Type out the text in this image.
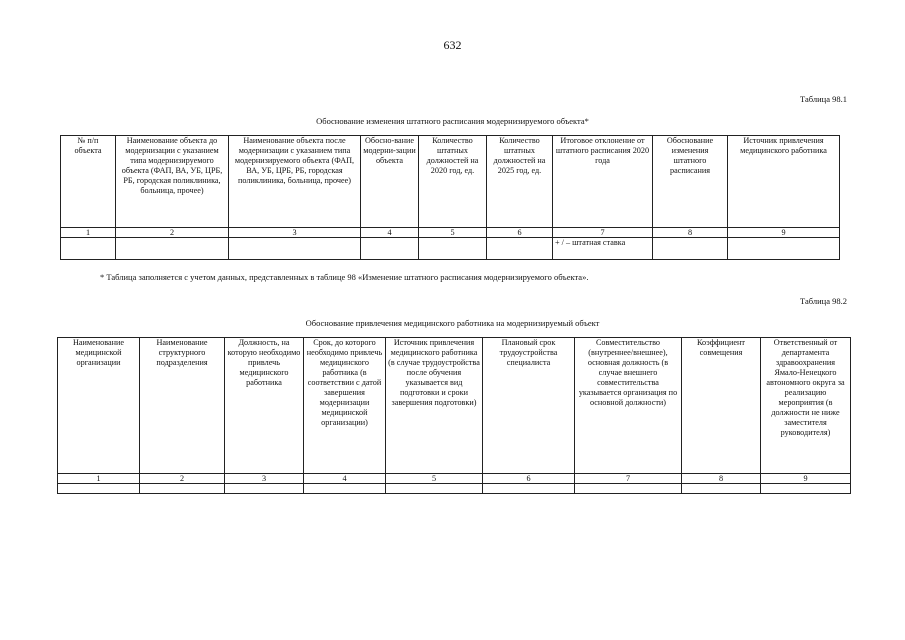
632
Таблица 98.1
Обоснование изменения штатного расписания модернизируемого объекта*
№ п/п объекта	Наименование объекта до модернизации с указанием типа модернизируемого объекта (ФАП, ВА, УБ, ЦРБ, РБ, городская поликлиника, больница, прочее)	Наименование объекта после модернизации с указанием типа модернизируемого объекта (ФАП, ВА, УБ, ЦРБ, РБ, городская поликлиника, больница, прочее)	Обосно-вание модерни-зации объекта	Количество штатных должностей на 2020 год, ед.	Количество штатных должностей на 2025 год, ед.	Итоговое отклонение от штатного расписания 2020 года	Обоснование изменения штатного расписания	Источник привлечения медицинского работника
1	2	3	4	5	6	7	8	9
						+ / – штатная ставка		
* Таблица заполняется с учетом данных, представленных в таблице 98 «Изменение штатного расписания модернизируемого объекта».
Таблица 98.2
Обоснование привлечения медицинского работника на модернизируемый объект
Наименование медицинской организации	Наименование структурного подразделения	Должность, на которую необходимо привлечь медицинского работника	Срок, до которого необходимо привлечь медицинского работника (в соответствии с датой завершения модернизации медицинской организации)	Источник привлечения медицинского работника (в случае трудоустройства после обучения указывается вид подготовки и сроки завершения подготовки)	Плановый срок трудоустройства специалиста	Совместительство (внутреннее/внешнее), основная должность (в случае внешнего совместительства указывается организация по основной должности)	Коэффициент совмещения	Ответственный от департамента здравоохранения Ямало-Ненецкого автономного округа за реализацию мероприятия (в должности не ниже заместителя руководителя)
1	2	3	4	5	6	7	8	9
